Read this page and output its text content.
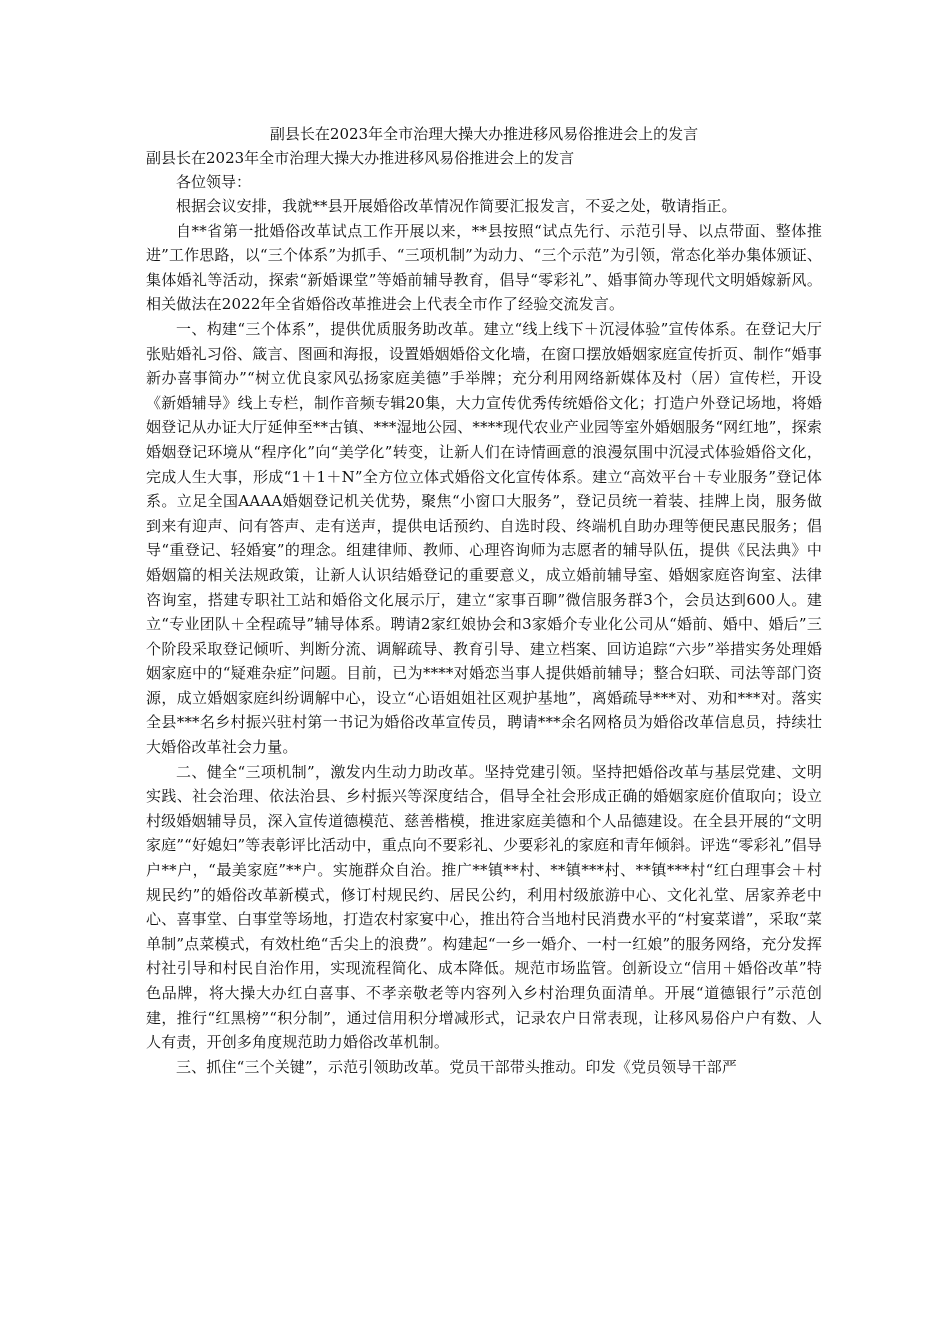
副县长在2023年全市治理大操大办推进移风易俗推进会上的发言
副县长在2023年全市治理大操大办推进移风易俗推进会上的发言

各位领导：

根据会议安排，我就**县开展婚俗改革情况作简要汇报发言，不妥之处，敬请指正。

自**省第一批婚俗改革试点工作开展以来，**县按照“试点先行、示范引导、以点带面、整体推进”工作思路，以“三个体系”为抓手、“三项机制”为动力、“三个示范”为引领，常态化举办集体颁证、集体婚礼等活动，探索“新婚课堂”等婚前辅导教育，倡导“零彩礼”、婚事简办等现代文明婚嫁新风。相关做法在2022年全省婚俗改革推进会上代表全市作了经验交流发言。

一、构建“三个体系”，提供优质服务助改革。建立“线上线下＋沉浸体验”宣传体系。在登记大厅张贴婚礼习俗、箴言、图画和海报，设置婚姻婚俗文化墙，在窗口摆放婚姻家庭宣传折页、制作“婚事新办喜事简办”“树立优良家风弘扬家庭美德”手举牌；充分利用网络新媒体及村（居）宣传栏，开设《新婚辅导》线上专栏，制作音频专辑20集，大力宣传优秀传统婚俗文化；打造户外登记场地，将婚姻登记从办证大厅延伸至**古镇、***湿地公园、****现代农业产业园等室外婚姻服务“网红地”，探索婚姻登记环境从“程序化”向“美学化”转变，让新人们在诗情画意的浪漫氛围中沉浸式体验婚俗文化，完成人生大事，形成“1＋1＋N”全方位立体式婚俗文化宣传体系。建立“高效平台＋专业服务”登记体系。立足全国AAAA婚姻登记机关优势，聚焦“小窗口大服务”，登记员统一着装、挂牌上岗，服务做到来有迎声、问有答声、走有送声，提供电话预约、自选时段、终端机自助办理等便民惠民服务；倡导“重登记、轻婚宴”的理念。组建律师、教师、心理咨询师为志愿者的辅导队伍，提供《民法典》中婚姻篇的相关法规政策，让新人认识结婚登记的重要意义，成立婚前辅导室、婚姻家庭咨询室、法律咨询室，搭建专职社工站和婚俗文化展示厅，建立“家事百聊”微信服务群3个，会员达到600人。建立“专业团队＋全程疏导”辅导体系。聘请2家红娘协会和3家婚介专业化公司从“婚前、婚中、婚后”三个阶段采取登记倾听、判断分流、调解疏导、教育引导、建立档案、回访追踪“六步”举措实务处理婚姻家庭中的“疑难杂症”问题。目前，已为****对婚恋当事人提供婚前辅导；整合妇联、司法等部门资源，成立婚姻家庭纠纷调解中心，设立“心语姐姐社区观护基地”，离婚疏导***对、劝和***对。落实全县***名乡村振兴驻村第一书记为婚俗改革宣传员，聘请***余名网格员为婚俗改革信息员，持续壮大婚俗改革社会力量。

二、健全“三项机制”，激发内生动力助改革。坚持党建引领。坚持把婚俗改革与基层党建、文明实践、社会治理、依法治县、乡村振兴等深度结合，倡导全社会形成正确的婚姻家庭价值取向；设立村级婚姻辅导员，深入宣传道德模范、慈善楷模，推进家庭美德和个人品德建设。在全县开展的“文明家庭”“好媳妇”等表彰评比活动中，重点向不要彩礼、少要彩礼的家庭和青年倾斜。评选“零彩礼”倡导户**户，“最美家庭”**户。实施群众自治。推广**镇**村、**镇***村、**镇***村“红白理事会＋村规民约”的婚俗改革新模式，修订村规民约、居民公约，利用村级旅游中心、文化礼堂、居家养老中心、喜事堂、白事堂等场地，打造农村家宴中心，推出符合当地村民消费水平的“村宴菜谱”，采取“菜单制”点菜模式，有效杜绝“舌尖上的浪费”。构建起“一乡一婚介、一村一红娘”的服务网络，充分发挥村社引导和村民自治作用，实现流程简化、成本降低。规范市场监管。创新设立“信用＋婚俗改革”特色品牌，将大操大办红白喜事、不孝亲敬老等内容列入乡村治理负面清单。开展“道德银行”示范创建，推行“红黑榜”“积分制”，通过信用积分增减形式，记录农户日常表现，让移风易俗户户有数、人人有责，开创多角度规范助力婚俗改革机制。

三、抓住“三个关键”，示范引领助改革。党员干部带头推动。印发《党员领导干部严
